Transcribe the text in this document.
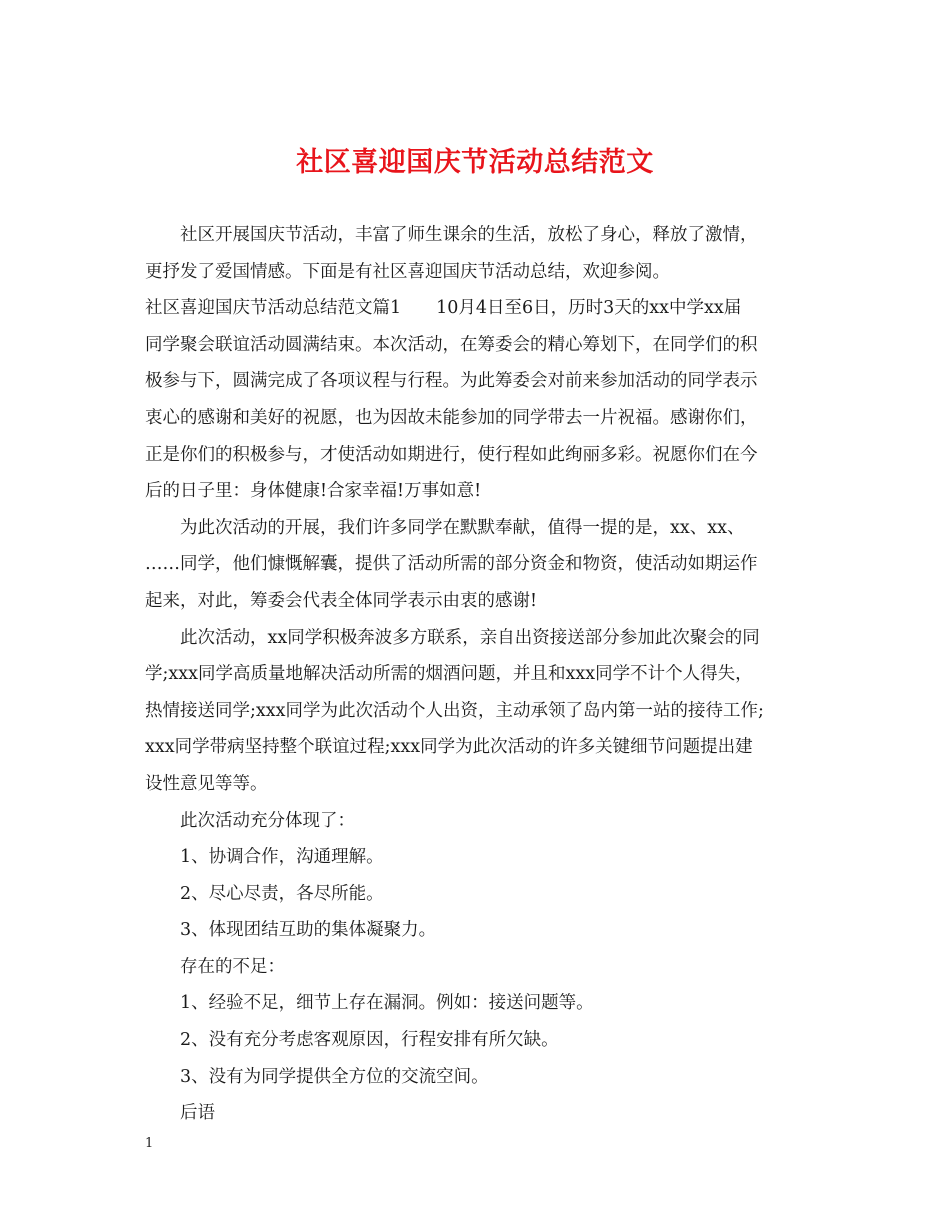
社区喜迎国庆节活动总结范文

社区开展国庆节活动，丰富了师生课余的生活，放松了身心，释放了激情，

更抒发了爱国情感。下面是有社区喜迎国庆节活动总结，欢迎参阅。

社区喜迎国庆节活动总结范文篇1　　10月4日至6日，历时3天的xx中学xx届

同学聚会联谊活动圆满结束。本次活动，在筹委会的精心筹划下，在同学们的积

极参与下，圆满完成了各项议程与行程。为此筹委会对前来参加活动的同学表示

衷心的感谢和美好的祝愿，也为因故未能参加的同学带去一片祝福。感谢你们，

正是你们的积极参与，才使活动如期进行，使行程如此绚丽多彩。祝愿你们在今

后的日子里：身体健康!合家幸福!万事如意!

为此次活动的开展，我们许多同学在默默奉献，值得一提的是，xx、xx、

……同学，他们慷慨解囊，提供了活动所需的部分资金和物资，使活动如期运作

起来，对此，筹委会代表全体同学表示由衷的感谢!

此次活动，xx同学积极奔波多方联系，亲自出资接送部分参加此次聚会的同

学;xxx同学高质量地解决活动所需的烟酒问题，并且和xxx同学不计个人得失，

热情接送同学;xxx同学为此次活动个人出资，主动承领了岛内第一站的接待工作;

xxx同学带病坚持整个联谊过程;xxx同学为此次活动的许多关键细节问题提出建

设性意见等等。

此次活动充分体现了：

1、协调合作，沟通理解。

2、尽心尽责，各尽所能。

3、体现团结互助的集体凝聚力。

存在的不足：

1、经验不足，细节上存在漏洞。例如：接送问题等。

2、没有充分考虑客观原因，行程安排有所欠缺。

3、没有为同学提供全方位的交流空间。

后语

1
